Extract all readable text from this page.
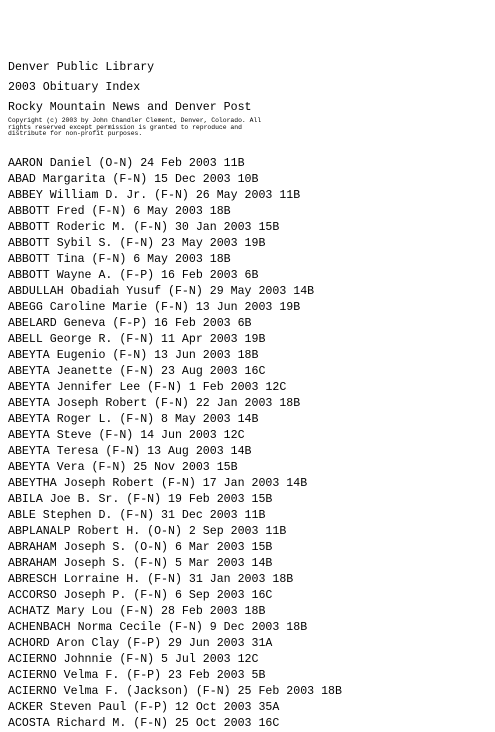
Denver Public Library
2003 Obituary Index
Rocky Mountain News and Denver Post
Copyright (c) 2003 by John Chandler Clement, Denver, Colorado. All rights reserved except permission is granted to reproduce and distribute for non-profit purposes.
AARON Daniel (O-N) 24 Feb 2003 11B
ABAD Margarita (F-N) 15 Dec 2003 10B
ABBEY William D. Jr. (F-N) 26 May 2003 11B
ABBOTT Fred (F-N) 6 May 2003 18B
ABBOTT Roderic M. (F-N) 30 Jan 2003 15B
ABBOTT Sybil S. (F-N) 23 May 2003 19B
ABBOTT Tina (F-N) 6 May 2003 18B
ABBOTT Wayne A. (F-P) 16 Feb 2003 6B
ABDULLAH Obadiah Yusuf (F-N) 29 May 2003 14B
ABEGG Caroline Marie (F-N) 13 Jun 2003 19B
ABELARD Geneva (F-P) 16 Feb 2003 6B
ABELL George R. (F-N) 11 Apr 2003 19B
ABEYTA Eugenio (F-N) 13 Jun 2003 18B
ABEYTA Jeanette (F-N) 23 Aug 2003 16C
ABEYTA Jennifer Lee (F-N) 1 Feb 2003 12C
ABEYTA Joseph Robert (F-N) 22 Jan 2003 18B
ABEYTA Roger L. (F-N) 8 May 2003 14B
ABEYTA Steve (F-N) 14 Jun 2003 12C
ABEYTA Teresa (F-N) 13 Aug 2003 14B
ABEYTA Vera (F-N) 25 Nov 2003 15B
ABEYTHA Joseph Robert (F-N) 17 Jan 2003 14B
ABILA Joe B. Sr. (F-N) 19 Feb 2003 15B
ABLE Stephen D. (F-N) 31 Dec 2003 11B
ABPLANALP Robert H. (O-N) 2 Sep 2003 11B
ABRAHAM Joseph S. (O-N) 6 Mar 2003 15B
ABRAHAM Joseph S. (F-N) 5 Mar 2003 14B
ABRESCH Lorraine H. (F-N) 31 Jan 2003 18B
ACCORSO Joseph P. (F-N) 6 Sep 2003 16C
ACHATZ Mary Lou (F-N) 28 Feb 2003 18B
ACHENBACH Norma Cecile (F-N) 9 Dec 2003 18B
ACHORD Aron Clay (F-P) 29 Jun 2003 31A
ACIERNO Johnnie (F-N) 5 Jul 2003 12C
ACIERNO Velma F. (F-P) 23 Feb 2003 5B
ACIERNO Velma F. (Jackson) (F-N) 25 Feb 2003 18B
ACKER Steven Paul (F-P) 12 Oct 2003 35A
ACOSTA Richard M. (F-N) 25 Oct 2003 16C
